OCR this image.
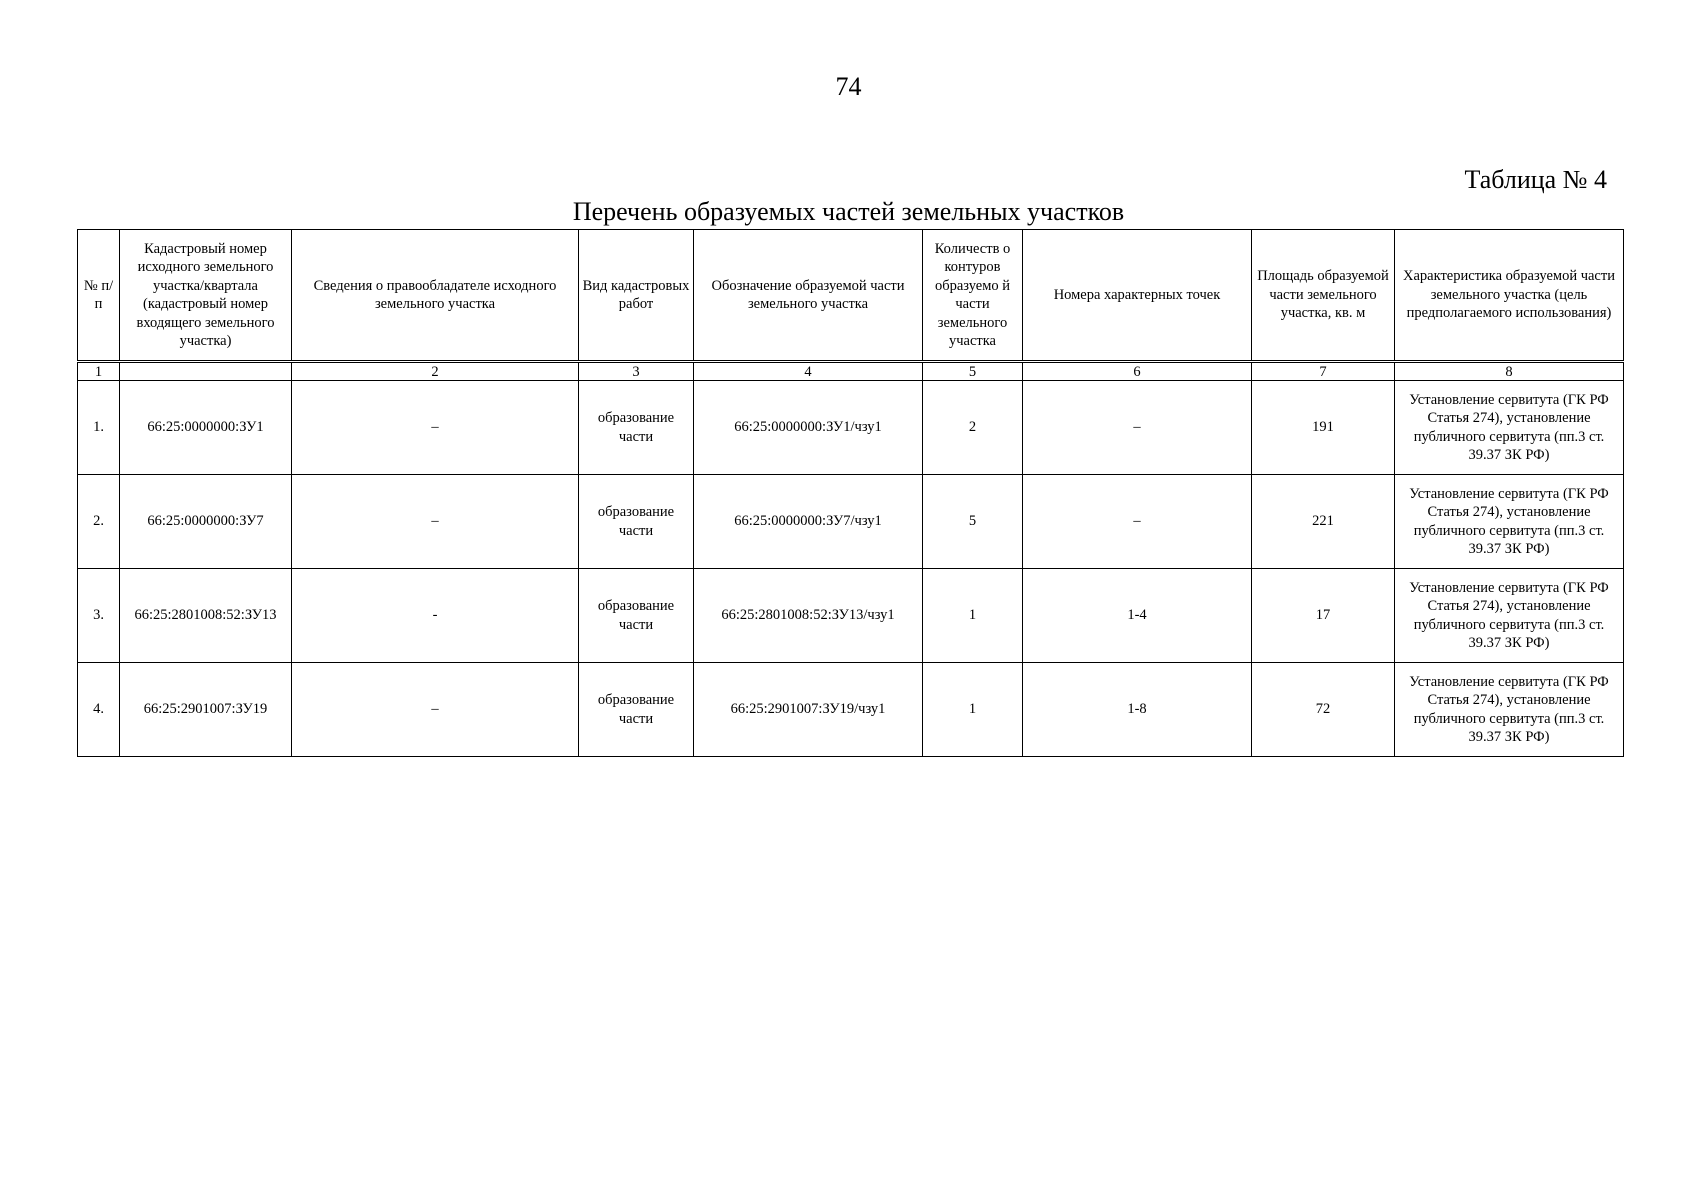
74
Таблица № 4
Перечень образуемых частей земельных участков
№ п/п	Кадастровый номер исходного земельного участка/квартала (кадастровый номер входящего земельного участка)	Сведения о правообладателе исходного земельного участка	Вид кадастровых работ	Обозначение образуемой части земельного участка	Количеств о контуров образуемо й части земельного участка	Номера характерных точек	Площадь образуемой части земельного участка, кв. м	Характеристика образуемой части земельного участка (цель предполагаемого использования)
1		2	3	4	5	6	7	8
1.	66:25:0000000:ЗУ1	–	образование части	66:25:0000000:ЗУ1/чзу1	2	–	191	Установление сервитута (ГК РФ Статья 274), установление публичного сервитута (пп.3 ст. 39.37 ЗК РФ)
2.	66:25:0000000:ЗУ7	–	образование части	66:25:0000000:ЗУ7/чзу1	5	–	221	Установление сервитута (ГК РФ Статья 274), установление публичного сервитута (пп.3 ст. 39.37 ЗК РФ)
3.	66:25:2801008:52:ЗУ13	-	образование части	66:25:2801008:52:ЗУ13/чзу1	1	1-4	17	Установление сервитута (ГК РФ Статья 274), установление публичного сервитута (пп.3 ст. 39.37 ЗК РФ)
4.	66:25:2901007:ЗУ19	–	образование части	66:25:2901007:ЗУ19/чзу1	1	1-8	72	Установление сервитута (ГК РФ Статья 274), установление публичного сервитута (пп.3 ст. 39.37 ЗК РФ)
